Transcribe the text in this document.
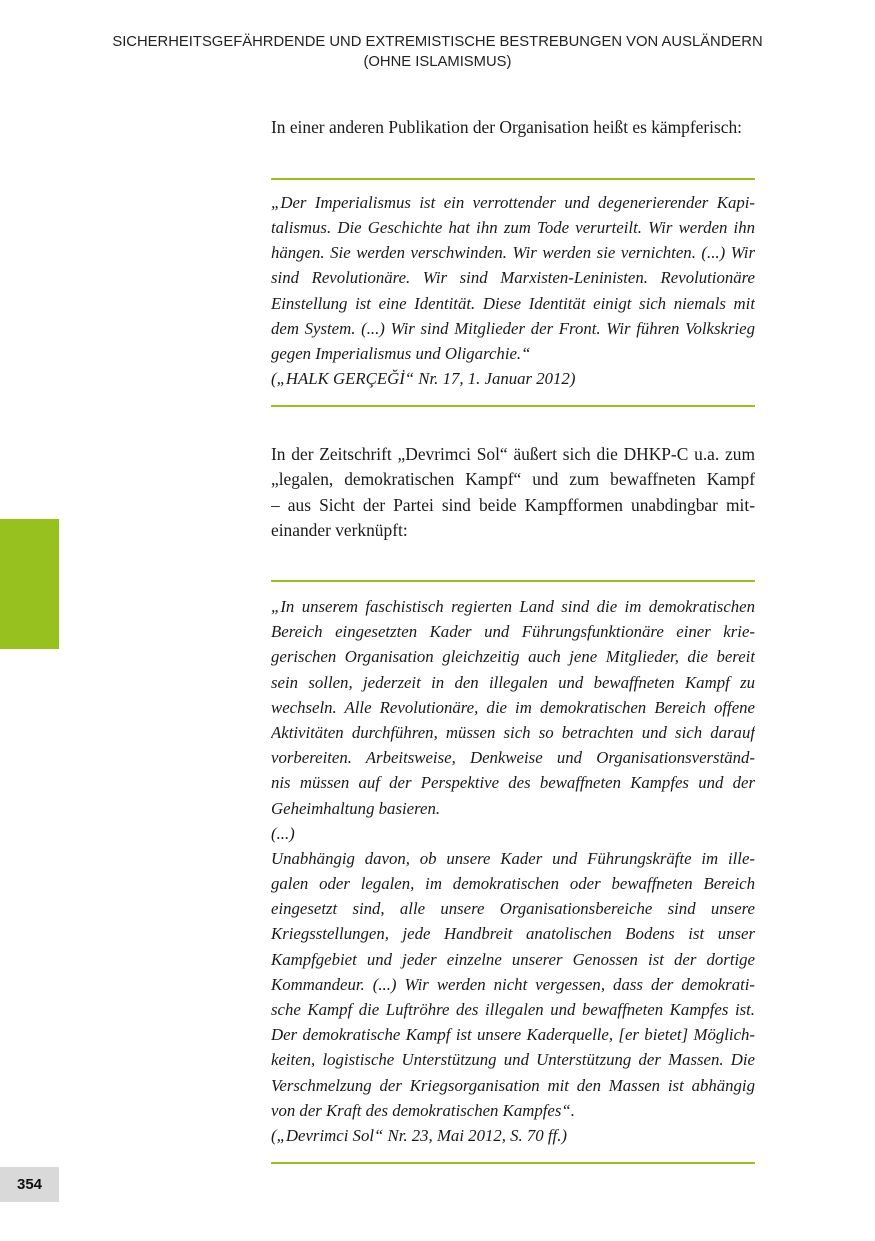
SICHERHEITSGEFÄHRDENDE UND EXTREMISTISCHE BESTREBUNGEN VON AUSLÄNDERN
(OHNE ISLAMISMUS)
In einer anderen Publikation der Organisation heißt es kämpferisch:
„Der Imperialismus ist ein verrottender und degenerierender Kapi-
talismus. Die Geschichte hat ihn zum Tode verurteilt. Wir werden ihn
hängen. Sie werden verschwinden. Wir werden sie vernichten. (...) Wir
sind Revolutionäre. Wir sind Marxisten-Leninisten. Revolutionäre
Einstellung ist eine Identität. Diese Identität einigt sich niemals mit
dem System. (...) Wir sind Mitglieder der Front. Wir führen Volkskrieg
gegen Imperialismus und Oligarchie.“
(„HALK GERÇEĞİ“ Nr. 17, 1. Januar 2012)
In der Zeitschrift „Devrimci Sol“ äußert sich die DHKP-C u.a. zum
„legalen, demokratischen Kampf“ und zum bewaffneten Kampf
– aus Sicht der Partei sind beide Kampfformen unabdingbar mit-
einander verknüpft:
„In unserem faschistisch regierten Land sind die im demokratischen
Bereich eingesetzten Kader und Führungsfunktionäre einer krie-
gerischen Organisation gleichzeitig auch jene Mitglieder, die bereit
sein sollen, jederzeit in den illegalen und bewaffneten Kampf zu
wechseln. Alle Revolutionäre, die im demokratischen Bereich offene
Aktivitäten durchführen, müssen sich so betrachten und sich darauf
vorbereiten. Arbeitsweise, Denkweise und Organisationsverständ-
nis müssen auf der Perspektive des bewaffneten Kampfes und der
Geheimhaltung basieren.
(...)
Unabhängig davon, ob unsere Kader und Führungskräfte im ille-
galen oder legalen, im demokratischen oder bewaffneten Bereich
eingesetzt sind, alle unsere Organisationsbereiche sind unsere
Kriegsstellungen, jede Handbreit anatolischen Bodens ist unser
Kampfgebiet und jeder einzelne unserer Genossen ist der dortige
Kommandeur. (...) Wir werden nicht vergessen, dass der demokrati-
sche Kampf die Luftröhre des illegalen und bewaffneten Kampfes ist.
Der demokratische Kampf ist unsere Kaderquelle, [er bietet] Möglich-
keiten, logistische Unterstützung und Unterstützung der Massen. Die
Verschmelzung der Kriegsorganisation mit den Massen ist abhängig
von der Kraft des demokratischen Kampfes“.
(„Devrimci Sol“ Nr. 23, Mai 2012, S. 70 ff.)
354
